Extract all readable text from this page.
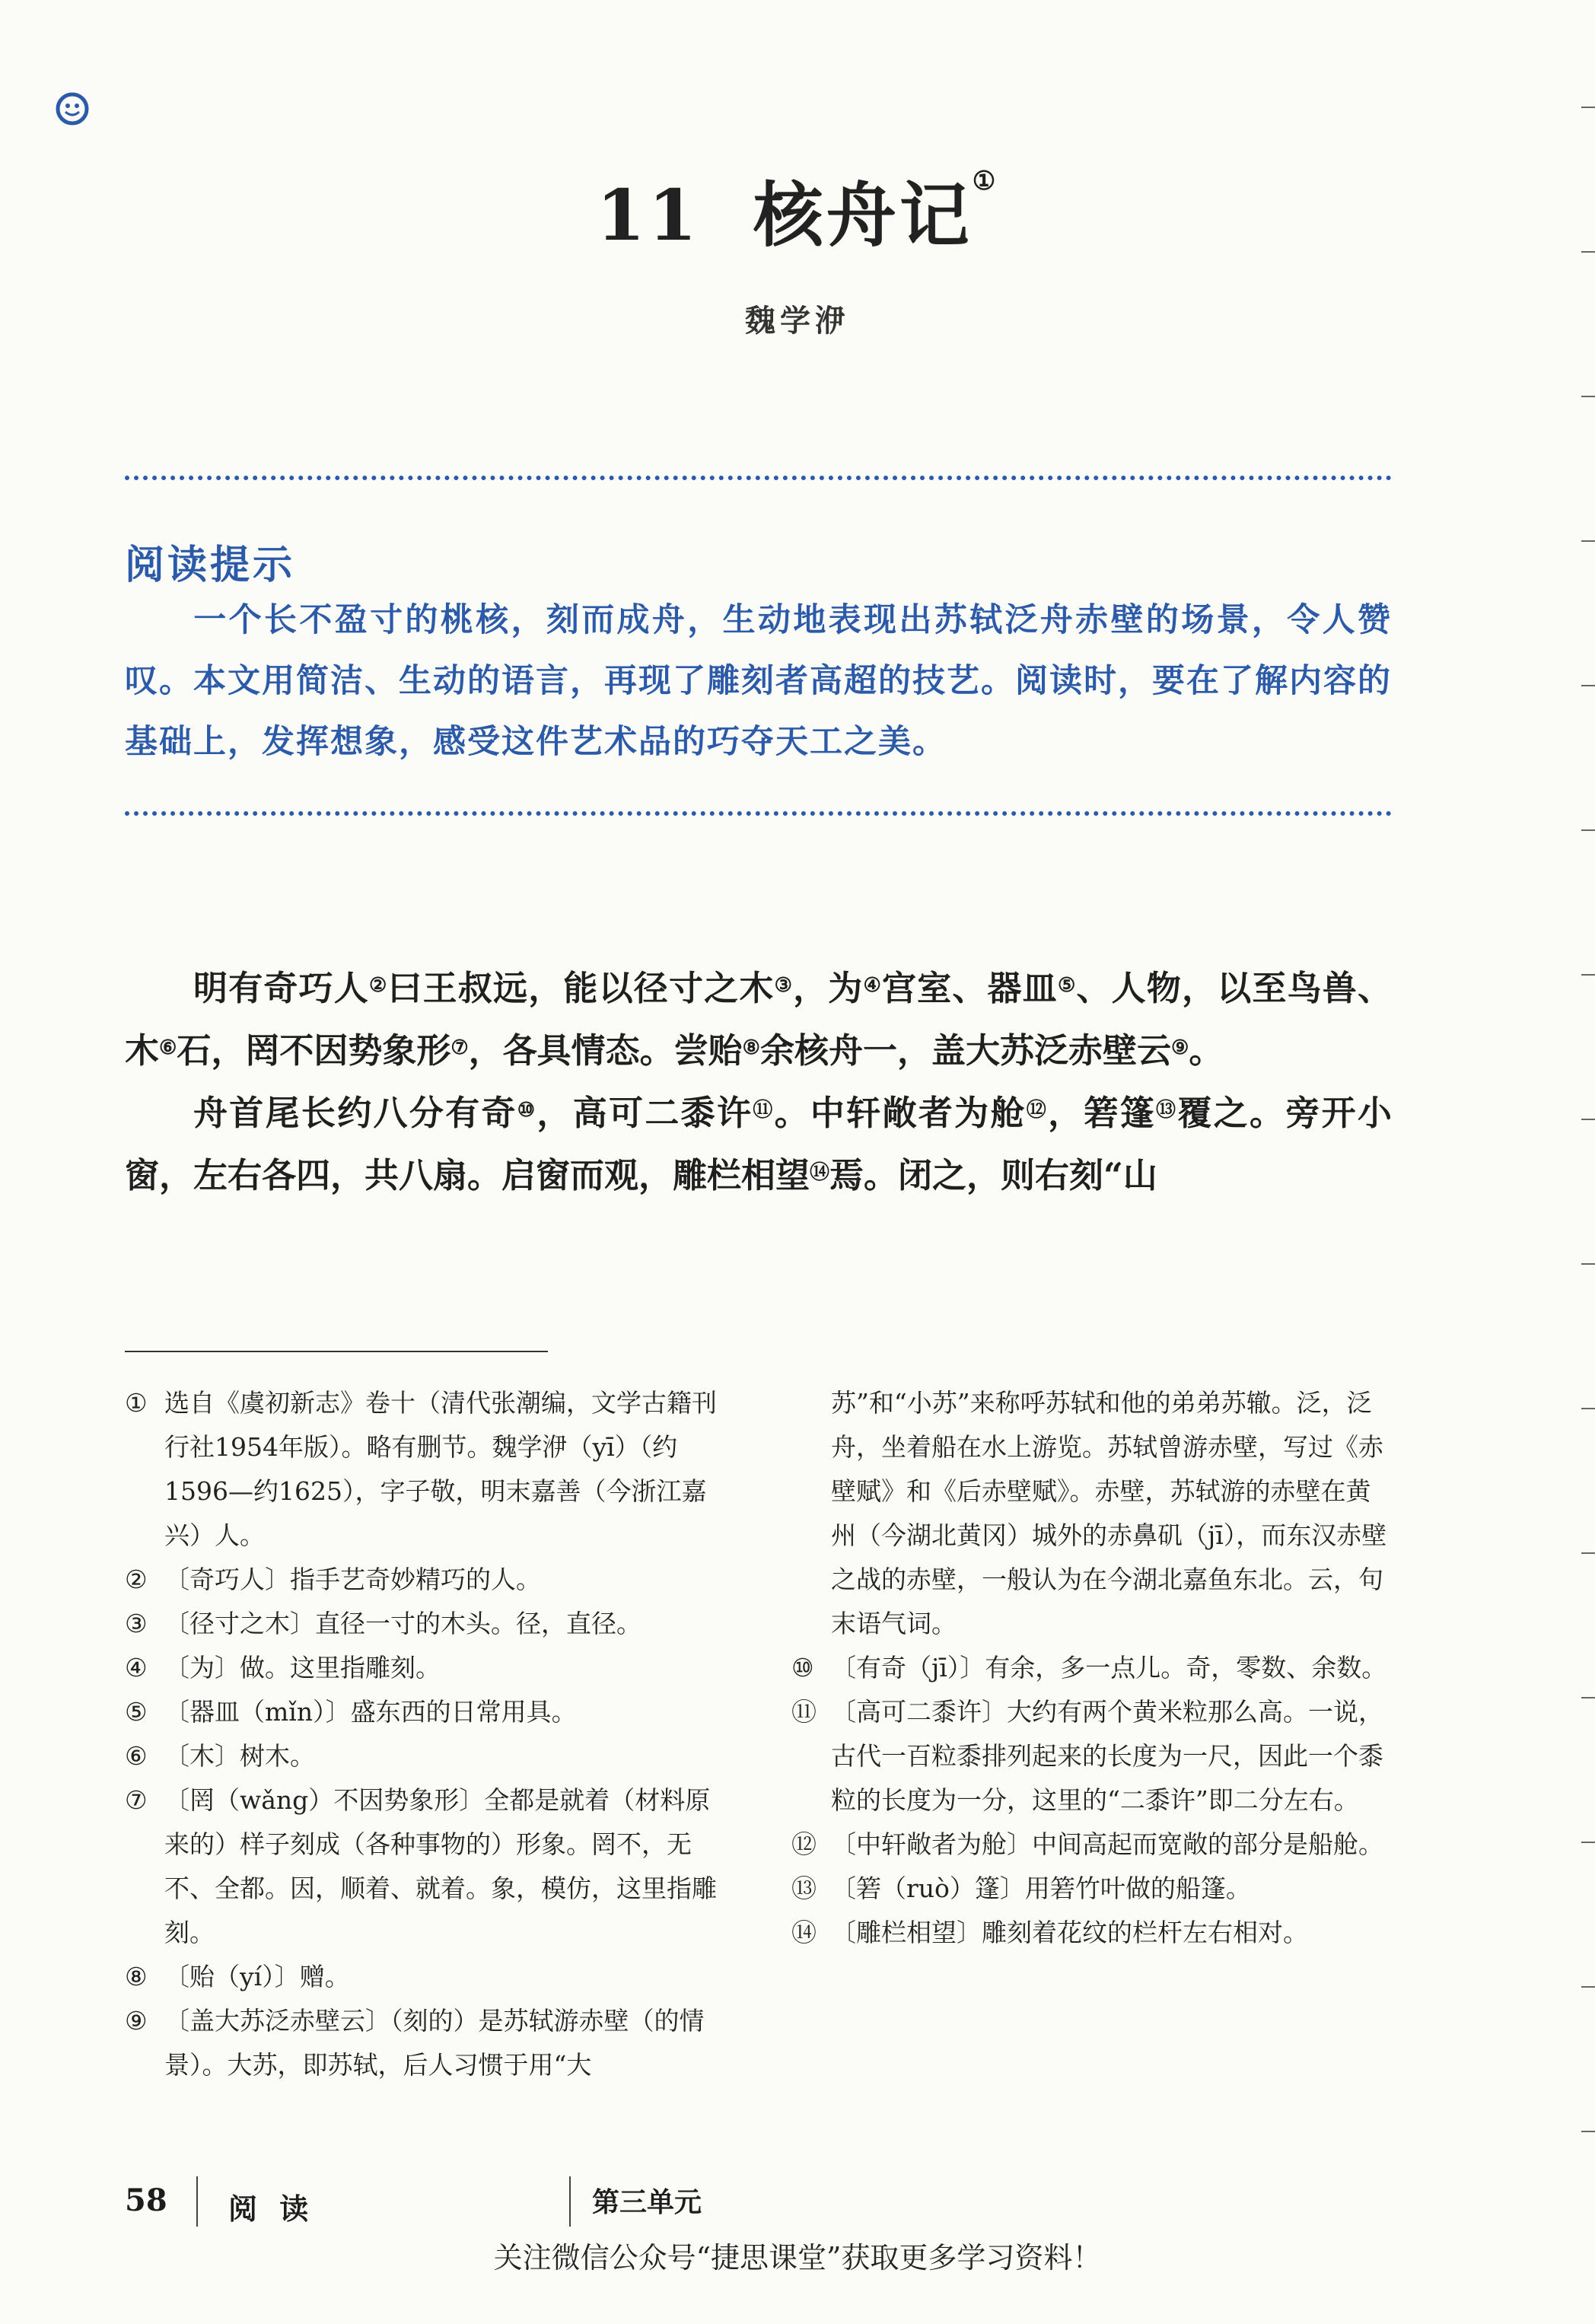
11 核舟记①
魏学洢
阅读提示
一个长不盈寸的桃核，刻而成舟，生动地表现出苏轼泛舟赤壁的场景，令人赞叹。本文用简洁、生动的语言，再现了雕刻者高超的技艺。阅读时，要在了解内容的基础上，发挥想象，感受这件艺术品的巧夺天工之美。

明有奇巧人②曰王叔远，能以径寸之木③，为④宫室、器皿⑤、人物，以至鸟兽、木⑥石，罔不因势象形⑦，各具情态。尝贻⑧余核舟一，盖大苏泛赤壁云⑨。

舟首尾长约八分有奇⑩，高可二黍许⑪。中轩敞者为舱⑫，箬篷⑬覆之。旁开小窗，左右各四，共八扇。启窗而观，雕栏相望⑭焉。闭之，则右刻“山

① 选自《虞初新志》卷十（清代张潮编，文学古籍刊行社1954年版）。略有删节。魏学洢（yī）（约1596—约1625），字子敬，明末嘉善（今浙江嘉兴）人。
② 〔奇巧人〕指手艺奇妙精巧的人。
③ 〔径寸之木〕直径一寸的木头。径，直径。
④ 〔为〕做。这里指雕刻。
⑤ 〔器皿（mǐn）〕盛东西的日常用具。
⑥ 〔木〕树木。
⑦ 〔罔（wǎng）不因势象形〕全都是就着（材料原来的）样子刻成（各种事物的）形象。罔不，无不、全都。因，顺着、就着。象，模仿，这里指雕刻。
⑧ 〔贻（yí）〕赠。
⑨ 〔盖大苏泛赤壁云〕（刻的）是苏轼游赤壁（的情景）。大苏，即苏轼，后人习惯于用“大
苏”和“小苏”来称呼苏轼和他的弟弟苏辙。泛，泛舟，坐着船在水上游览。苏轼曾游赤壁，写过《赤壁赋》和《后赤壁赋》。赤壁，苏轼游的赤壁在黄州（今湖北黄冈）城外的赤鼻矶（jī），而东汉赤壁之战的赤壁，一般认为在今湖北嘉鱼东北。云，句末语气词。
⑩ 〔有奇（jī）〕有余，多一点儿。奇，零数、余数。
⑪ 〔高可二黍许〕大约有两个黄米粒那么高。一说，古代一百粒黍排列起来的长度为一尺，因此一个黍粒的长度为一分，这里的“二黍许”即二分左右。
⑫ 〔中轩敞者为舱〕中间高起而宽敞的部分是船舱。
⑬ 〔箬（ruò）篷〕用箬竹叶做的船篷。
⑭ 〔雕栏相望〕雕刻着花纹的栏杆左右相对。
58 阅 读	第三单元
关注微信公众号“捷思课堂”获取更多学习资料！
